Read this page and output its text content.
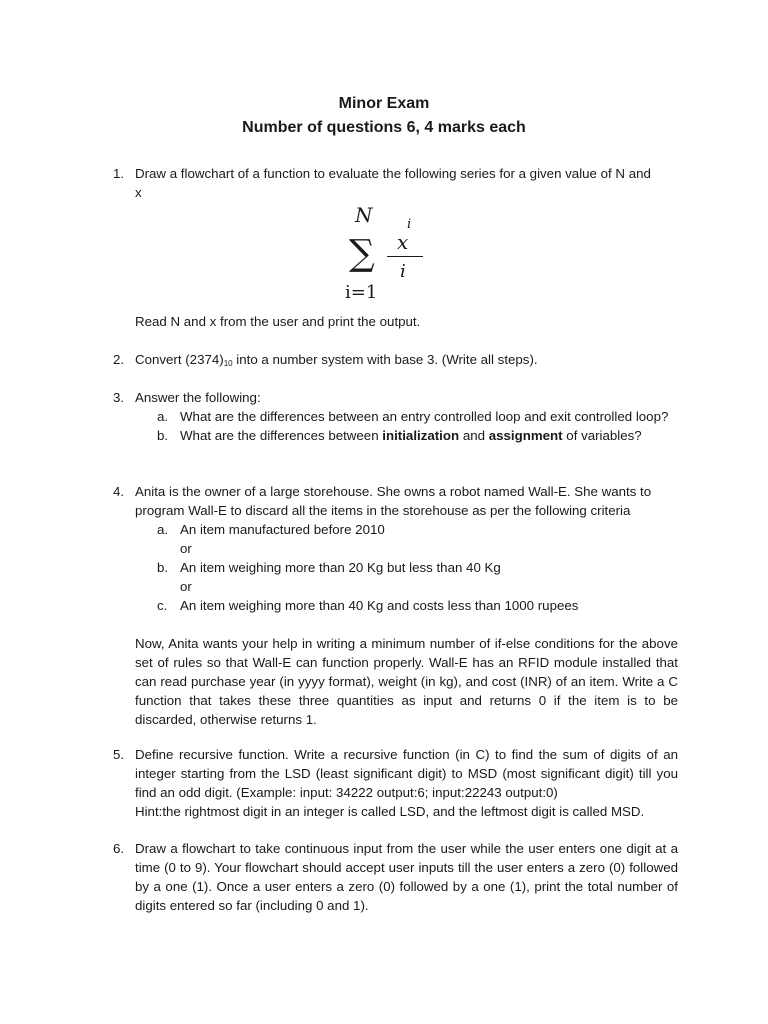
Minor Exam
Number of questions 6, 4 marks each
1. Draw a flowchart of a function to evaluate the following series for a given value of N and

x

N
∑
i
x
i
i=1

Read N and x from the user and print the output.

2. Convert $(2374)_{10}$ into a number system with base 3. (Write all steps).

3. Answer the following:

a. What are the differences between an entry controlled loop and exit controlled loop?
b. What are the differences between initialization and assignment of variables?
4. Anita is the owner of a large storehouse. She owns a robot named Wall-E. She wants to program Wall-E to discard all the items in the storehouse as per the following criteria

a. An item manufactured before 2010
or
b. An item weighing more than 20 Kg but less than 40 Kg
or
c. An item weighing more than 40 Kg and costs less than 1000 rupees

Now, Anita wants your help in writing a minimum number of if-else conditions for the above set of rules so that Wall-E can function properly. Wall-E has an RFID module installed that can read purchase year (in yyyy format), weight (in kg), and cost (INR) of an item. Write a C function that takes these three quantities as input and returns 0 if the item is to be discarded, otherwise returns 1.

5. Define recursive function. Write a recursive function (in C) to find the sum of digits of an integer starting from the LSD (least significant digit) to MSD (most significant digit) till you find an odd digit. (Example: input: 34222 output:6; input:22243 output:0)

Hint:the rightmost digit in an integer is called LSD, and the leftmost digit is called MSD.

6. Draw a flowchart to take continuous input from the user while the user enters one digit at a time (0 to 9). Your flowchart should accept user inputs till the user enters a zero (0) followed by a one (1). Once a user enters a zero (0) followed by a one (1), print the total number of digits entered so far (including 0 and 1).
